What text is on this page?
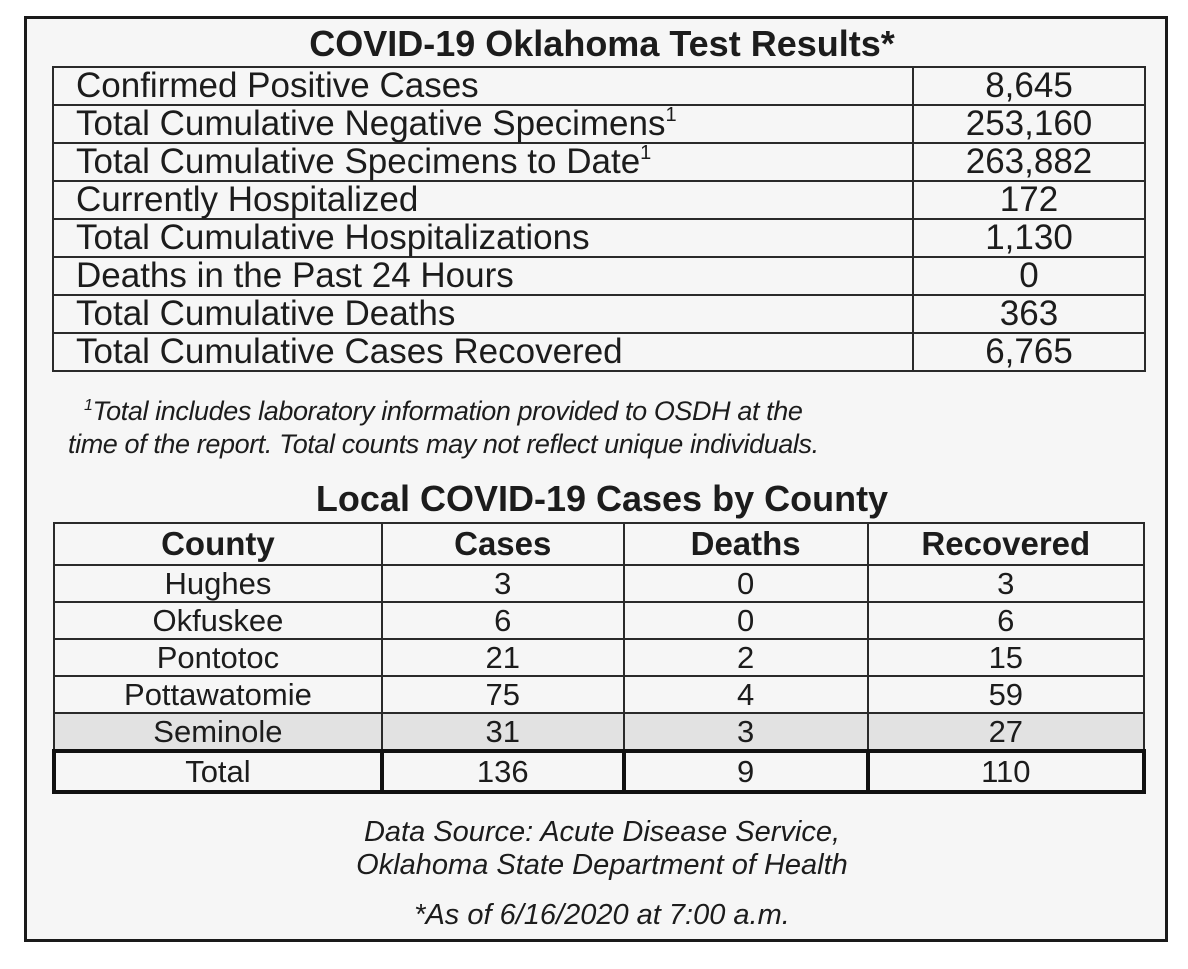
COVID-19 Oklahoma Test Results*
Confirmed Positive Cases	8,645
Total Cumulative Negative Specimens$^1$	253,160
Total Cumulative Specimens to Date$^1$	263,882
Currently Hospitalized	172
Total Cumulative Hospitalizations	1,130
Deaths in the Past 24 Hours	0
Total Cumulative Deaths	363
Total Cumulative Cases Recovered	6,765
$^1$Total includes laboratory information provided to OSDH at the
time of the report. Total counts may not reflect unique individuals.
Local COVID-19 Cases by County
County	Cases	Deaths	Recovered
Hughes	3	0	3
Okfuskee	6	0	6
Pontotoc	21	2	15
Pottawatomie	75	4	59
Seminole	31	3	27
Total	136	9	110
Data Source: Acute Disease Service,
Oklahoma State Department of Health
*As of 6/16/2020 at 7:00 a.m.
